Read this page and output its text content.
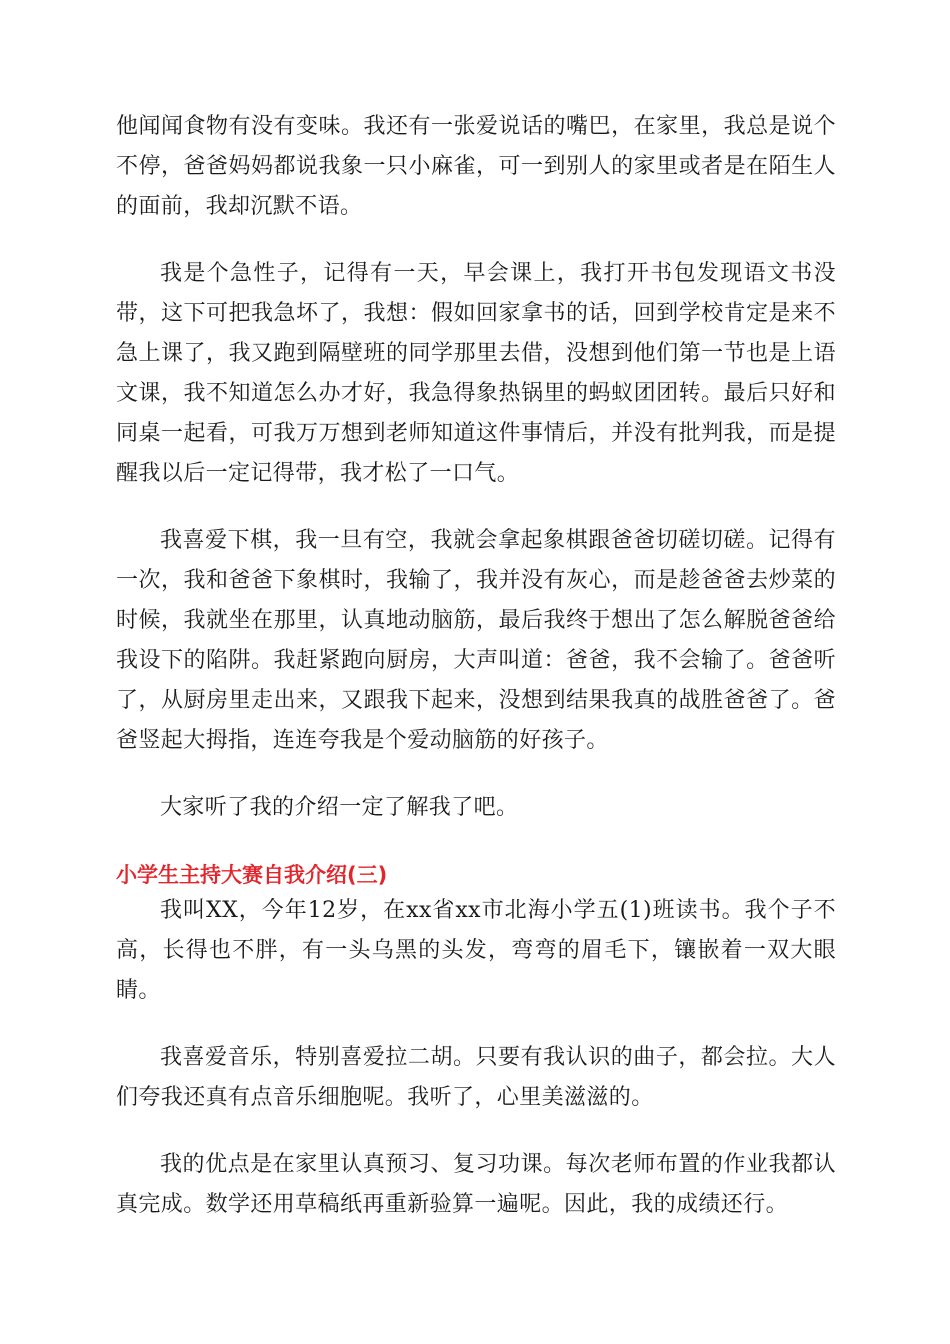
他闻闻食物有没有变味。我还有一张爱说话的嘴巴，在家里，我总是说个不停，爸爸妈妈都说我象一只小麻雀，可一到别人的家里或者是在陌生人的面前，我却沉默不语。

我是个急性子，记得有一天，早会课上，我打开书包发现语文书没带，这下可把我急坏了，我想：假如回家拿书的话，回到学校肯定是来不急上课了，我又跑到隔壁班的同学那里去借，没想到他们第一节也是上语文课，我不知道怎么办才好，我急得象热锅里的蚂蚁团团转。最后只好和同桌一起看，可我万万想到老师知道这件事情后，并没有批判我，而是提醒我以后一定记得带，我才松了一口气。

我喜爱下棋，我一旦有空，我就会拿起象棋跟爸爸切磋切磋。记得有一次，我和爸爸下象棋时，我输了，我并没有灰心，而是趁爸爸去炒菜的时候，我就坐在那里，认真地动脑筋，最后我终于想出了怎么解脱爸爸给我设下的陷阱。我赶紧跑向厨房，大声叫道：爸爸，我不会输了。爸爸听了，从厨房里走出来，又跟我下起来，没想到结果我真的战胜爸爸了。爸爸竖起大拇指，连连夸我是个爱动脑筋的好孩子。

大家听了我的介绍一定了解我了吧。

小学生主持大赛自我介绍(三)

我叫XX，今年12岁，在xx省xx市北海小学五(1)班读书。我个子不高，长得也不胖，有一头乌黑的头发，弯弯的眉毛下，镶嵌着一双大眼睛。

我喜爱音乐，特别喜爱拉二胡。只要有我认识的曲子，都会拉。大人们夸我还真有点音乐细胞呢。我听了，心里美滋滋的。

我的优点是在家里认真预习、复习功课。每次老师布置的作业我都认真完成。数学还用草稿纸再重新验算一遍呢。因此，我的成绩还行。
